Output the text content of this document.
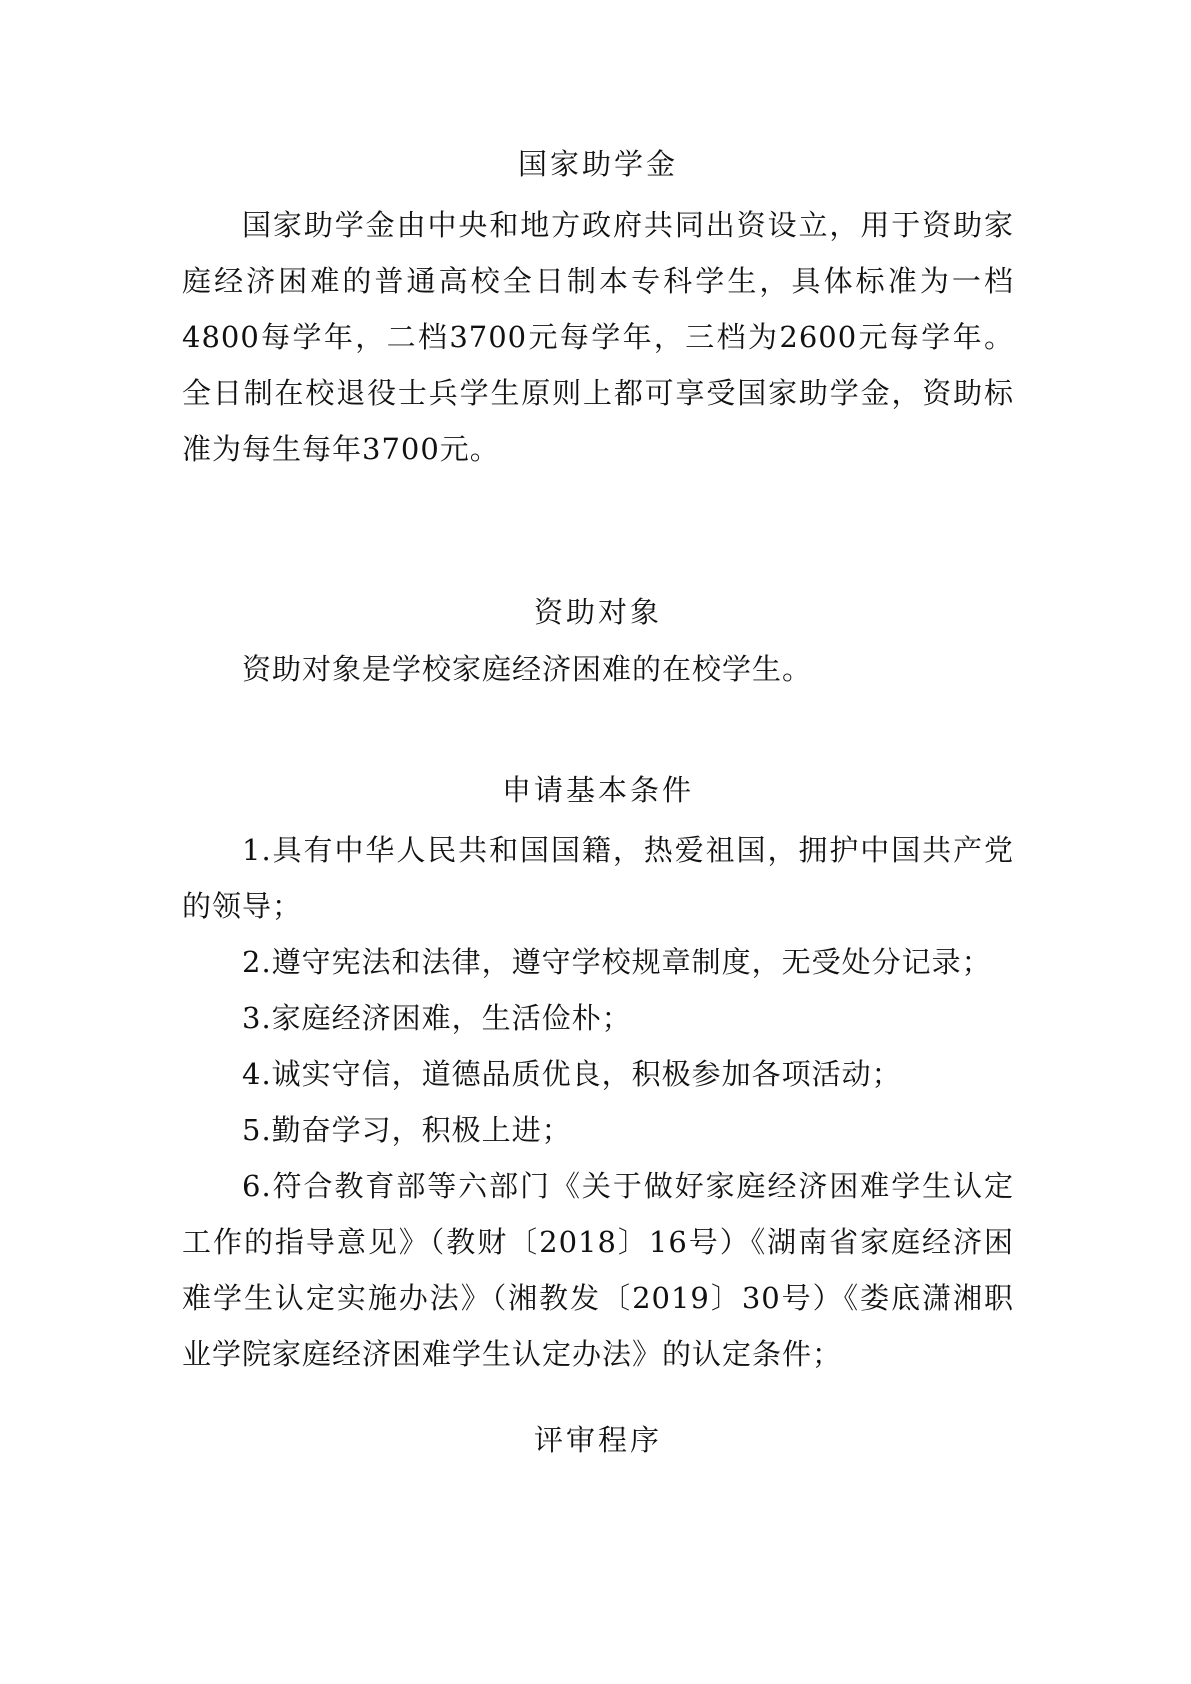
国家助学金

国家助学金由中央和地方政府共同出资设立，用于资助家庭经济困难的普通高校全日制本专科学生，具体标准为一档4800每学年，二档3700元每学年，三档为2600元每学年。全日制在校退役士兵学生原则上都可享受国家助学金，资助标准为每生每年3700元。

资助对象

资助对象是学校家庭经济困难的在校学生。

申请基本条件
1.具有中华人民共和国国籍，热爱祖国，拥护中国共产党的领导；
2.遵守宪法和法律，遵守学校规章制度，无受处分记录；
3.家庭经济困难，生活俭朴；
4.诚实守信，道德品质优良，积极参加各项活动；
5.勤奋学习，积极上进；
6.符合教育部等六部门《关于做好家庭经济困难学生认定工作的指导意见》（教财〔2018〕16号）《湖南省家庭经济困难学生认定实施办法》（湘教发〔2019〕30号）《娄底潇湘职业学院家庭经济困难学生认定办法》的认定条件；
评审程序
